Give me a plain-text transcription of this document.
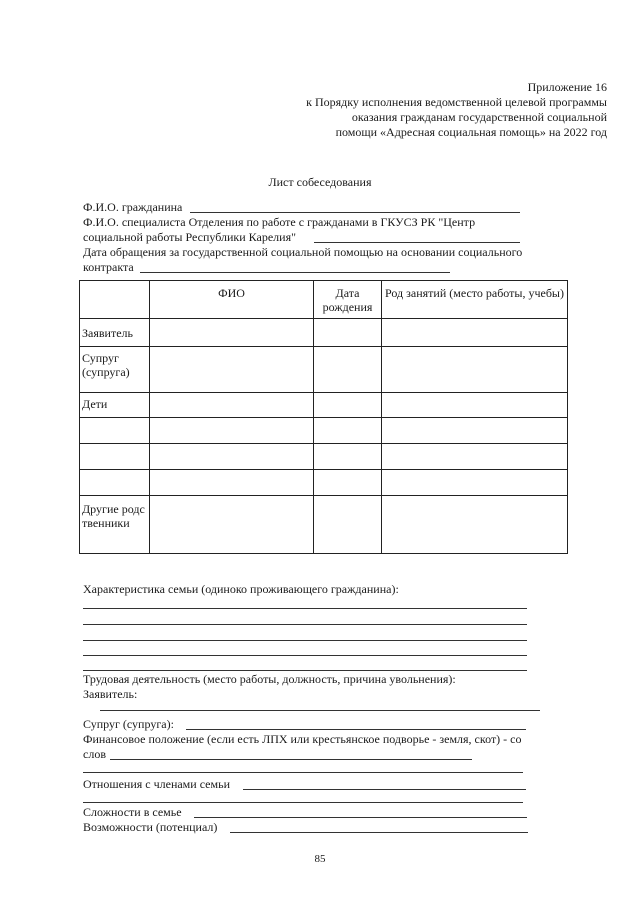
Приложение 16
к Порядку исполнения ведомственной целевой программы
оказания гражданам государственной социальной
помощи «Адресная социальная помощь» на 2022 год
Лист собеседования
Ф.И.О. гражданина
Ф.И.О. специалиста Отделения по работе с гражданами в ГКУСЗ РК "Центр
социальной работы Республики Карелия"
Дата обращения за государственной социальной помощью на основании социального
контракта
	ФИО	Дата рождения	Род занятий (место работы, учебы)
Заявитель			
Супруг (супруга)			
Дети			

Другие родственники			
Характеристика семьи (одиноко проживающего гражданина):
Трудовая деятельность (место работы, должность, причина увольнения):
Заявитель:
Супруг (супруга):
Финансовое положение (если есть ЛПХ или крестьянское подворье - земля, скот) - со
слов
Отношения с членами семьи
Сложности в семье
Возможности (потенциал)
85
